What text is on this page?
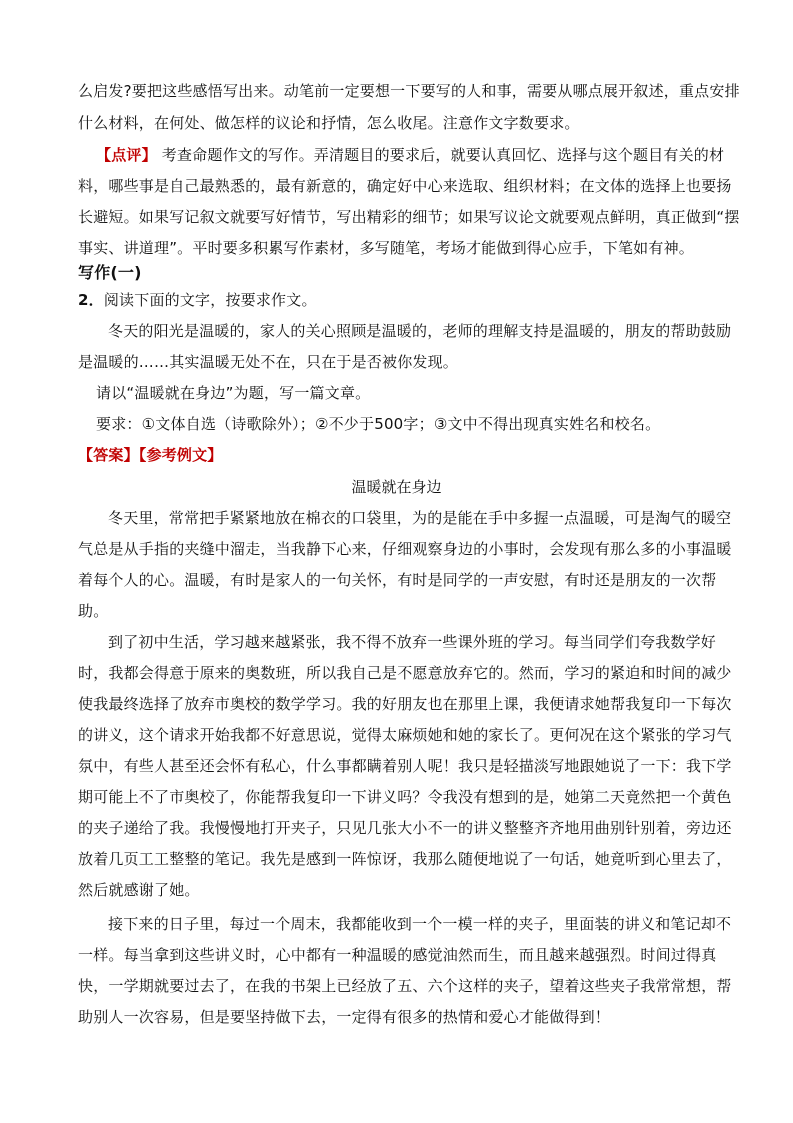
么启发?要把这些感悟写出来。动笔前一定要想一下要写的人和事，需要从哪点展开叙述，重点安排
什么材料，在何处、做怎样的议论和抒情，怎么收尾。注意作文字数要求。
【点评】 考查命题作文的写作。弄清题目的要求后，就要认真回忆、选择与这个题目有关的材
料，哪些事是自己最熟悉的，最有新意的，确定好中心来选取、组织材料；在文体的选择上也要扬
长避短。如果写记叙文就要写好情节，写出精彩的细节；如果写议论文就要观点鲜明，真正做到“摆
事实、讲道理”。平时要多积累写作素材，多写随笔，考场才能做到得心应手，下笔如有神。
写作(一)
2．阅读下面的文字，按要求作文。
冬天的阳光是温暖的，家人的关心照顾是温暖的，老师的理解支持是温暖的，朋友的帮助鼓励
是温暖的……其实温暖无处不在，只在于是否被你发现。
请以“温暖就在身边”为题，写一篇文章。
要求：①文体自选（诗歌除外）；②不少于500字；③文中不得出现真实姓名和校名。
【答案】【参考例文】
温暖就在身边
冬天里，常常把手紧紧地放在棉衣的口袋里，为的是能在手中多握一点温暖，可是淘气的暖空
气总是从手指的夹缝中溜走，当我静下心来，仔细观察身边的小事时，会发现有那么多的小事温暖
着每个人的心。温暖，有时是家人的一句关怀，有时是同学的一声安慰，有时还是朋友的一次帮
助。
到了初中生活，学习越来越紧张，我不得不放弃一些课外班的学习。每当同学们夸我数学好
时，我都会得意于原来的奥数班，所以我自己是不愿意放弃它的。然而，学习的紧迫和时间的减少
使我最终选择了放弃市奥校的数学学习。我的好朋友也在那里上课，我便请求她帮我复印一下每次
的讲义，这个请求开始我都不好意思说，觉得太麻烦她和她的家长了。更何况在这个紧张的学习气
氛中，有些人甚至还会怀有私心，什么事都瞒着别人呢！我只是轻描淡写地跟她说了一下：我下学
期可能上不了市奥校了，你能帮我复印一下讲义吗？令我没有想到的是，她第二天竟然把一个黄色
的夹子递给了我。我慢慢地打开夹子，只见几张大小不一的讲义整整齐齐地用曲别针别着，旁边还
放着几页工工整整的笔记。我先是感到一阵惊讶，我那么随便地说了一句话，她竟听到心里去了，
然后就感谢了她。
接下来的日子里，每过一个周末，我都能收到一个一模一样的夹子，里面装的讲义和笔记却不
一样。每当拿到这些讲义时，心中都有一种温暖的感觉油然而生，而且越来越强烈。时间过得真
快，一学期就要过去了，在我的书架上已经放了五、六个这样的夹子，望着这些夹子我常常想，帮
助别人一次容易，但是要坚持做下去，一定得有很多的热情和爱心才能做得到！
